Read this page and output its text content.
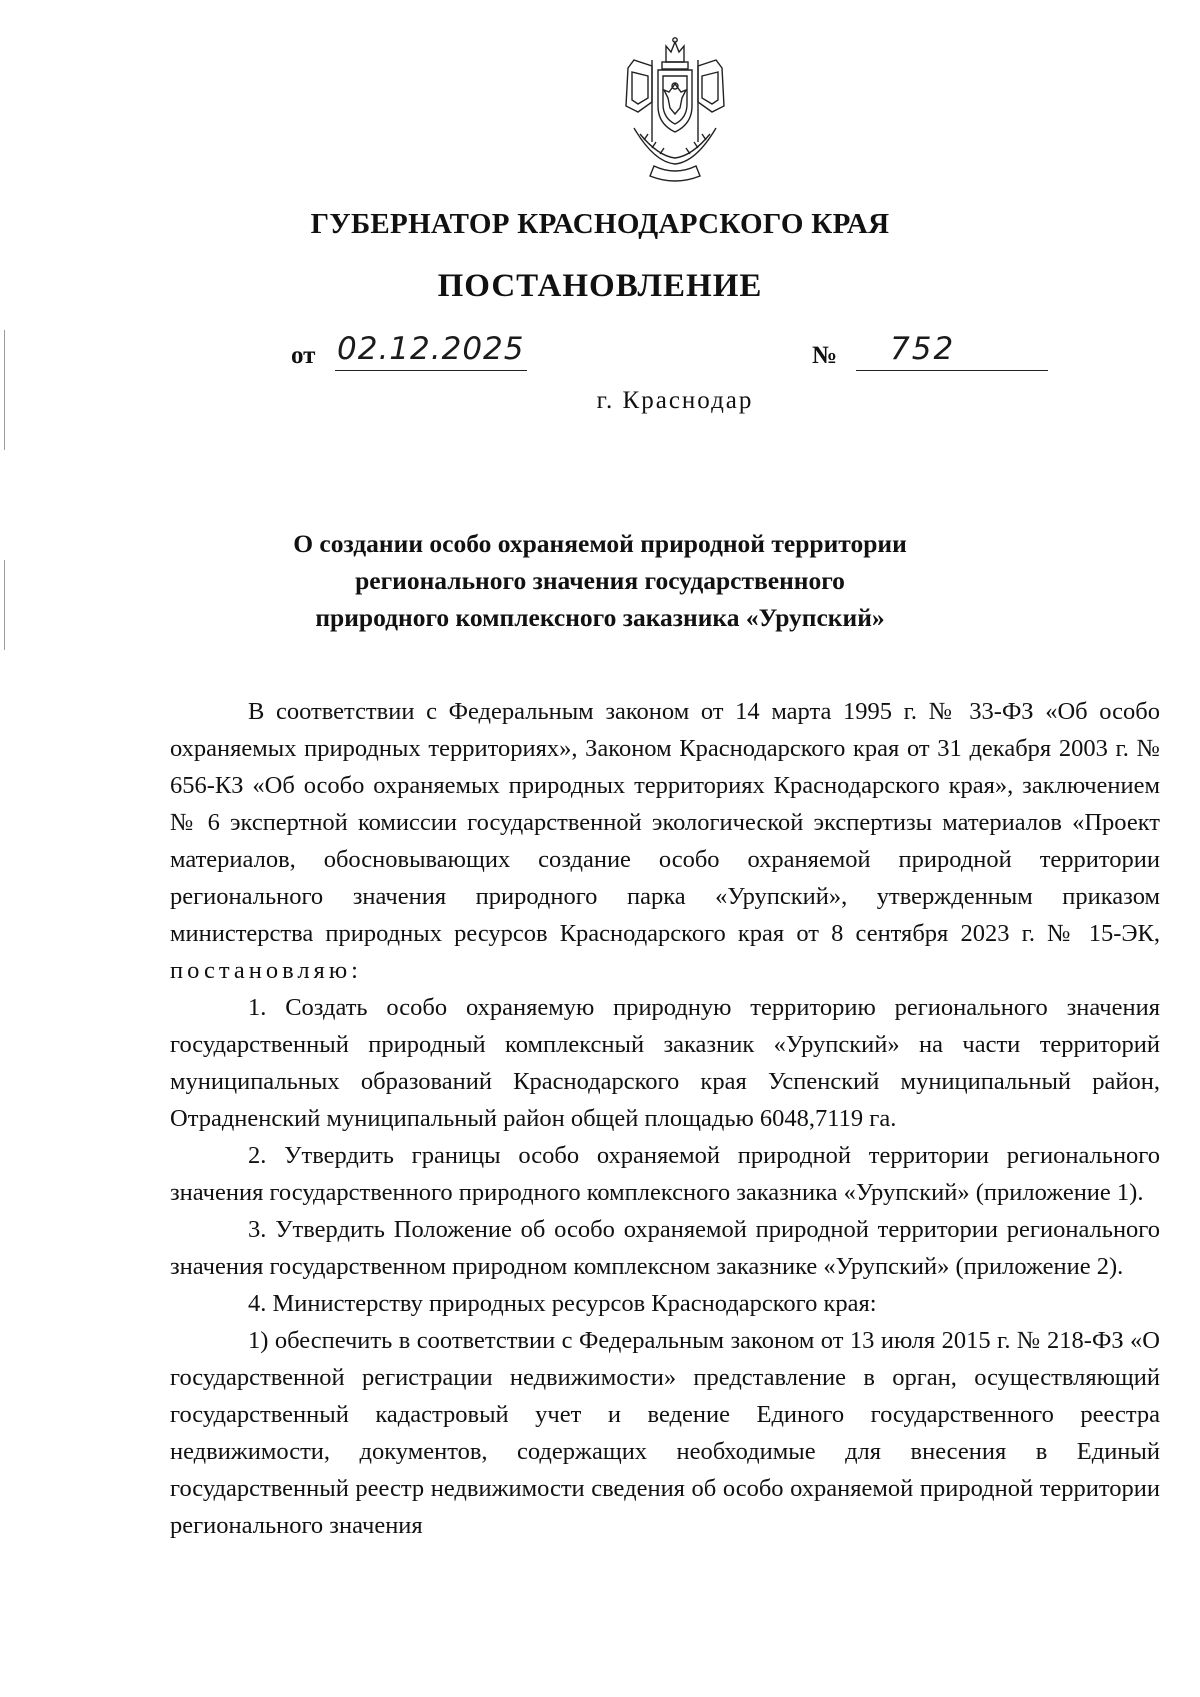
ГУБЕРНАТОР КРАСНОДАРСКОГО КРАЯ
ПОСТАНОВЛЕНИЕ
от 02.12.2025	№ 752
г. Краснодар
О создании особо охраняемой природной территории
регионального значения государственного
природного комплексного заказника «Урупский»
В соответствии с Федеральным законом от 14 марта 1995 г. № 33-ФЗ «Об особо охраняемых природных территориях», Законом Краснодарского края от 31 декабря 2003 г. № 656-КЗ «Об особо охраняемых природных территориях Краснодарского края», заключением № 6 экспертной комиссии государственной экологической экспертизы материалов «Проект материалов, обосновывающих создание особо охраняемой природной территории регионального значения природного парка «Урупский», утвержденным приказом министерства природных ресурсов Краснодарского края от 8 сентября 2023 г. № 15-ЭК, постановляю:
1. Создать особо охраняемую природную территорию регионального значения государственный природный комплексный заказник «Урупский» на части территорий муниципальных образований Краснодарского края Успенский муниципальный район, Отрадненский муниципальный район общей площадью 6048,7119 га.
2. Утвердить границы особо охраняемой природной территории регионального значения государственного природного комплексного заказника «Урупский» (приложение 1).
3. Утвердить Положение об особо охраняемой природной территории регионального значения государственном природном комплексном заказнике «Урупский» (приложение 2).
4. Министерству природных ресурсов Краснодарского края:
1) обеспечить в соответствии с Федеральным законом от 13 июля 2015 г. № 218-ФЗ «О государственной регистрации недвижимости» представление в орган, осуществляющий государственный кадастровый учет и ведение Единого государственного реестра недвижимости, документов, содержащих необходимые для внесения в Единый государственный реестр недвижимости сведения об особо охраняемой природной территории регионального значения
